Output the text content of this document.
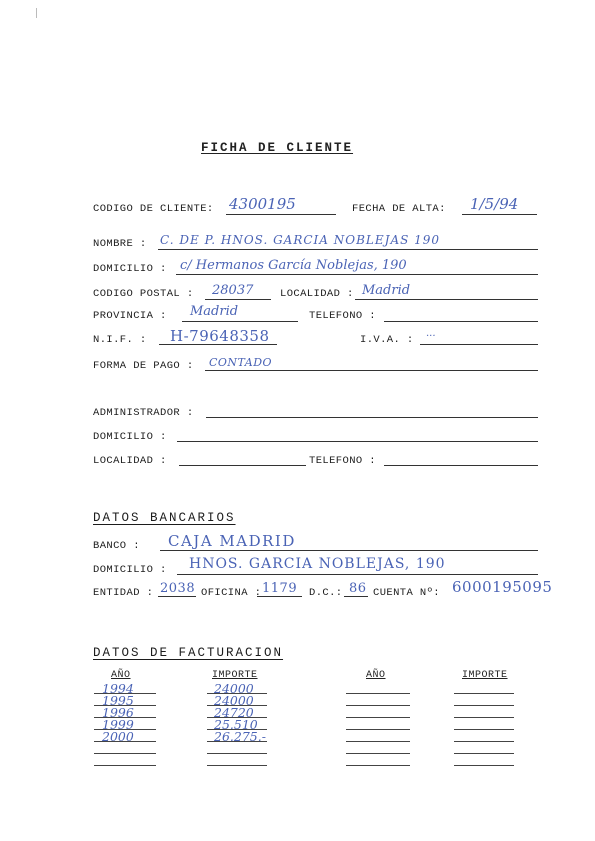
FICHA DE CLIENTE
CODIGO DE CLIENTE: 4300195	FECHA DE ALTA: 1/5/94
NOMBRE : C. DE P. HNOS. GARCIA NOBLEJAS 190
DOMICILIO : c/ Hermanos García Noblejas, 190
CODIGO POSTAL : 28037	LOCALIDAD : Madrid
PROVINCIA : Madrid	TELEFONO :
N.I.F. : H-79648358	I.V.A. :
...
FORMA DE PAGO : CONTADO
ADMINISTRADOR :
DOMICILIO :
LOCALIDAD :	TELEFONO :
DATOS BANCARIOS
BANCO : CAJA MADRID
DOMICILIO : HNOS. GARCIA NOBLEJAS, 190
ENTIDAD : 2038 OFICINA : 1179 D.C.: 86 CUENTA Nº: 6000195095
DATOS DE FACTURACION
AÑO	IMPORTE	AÑO	IMPORTE
1994	24000
1995	24000
1996	24720
1999	25.510
2000	26.275.-
